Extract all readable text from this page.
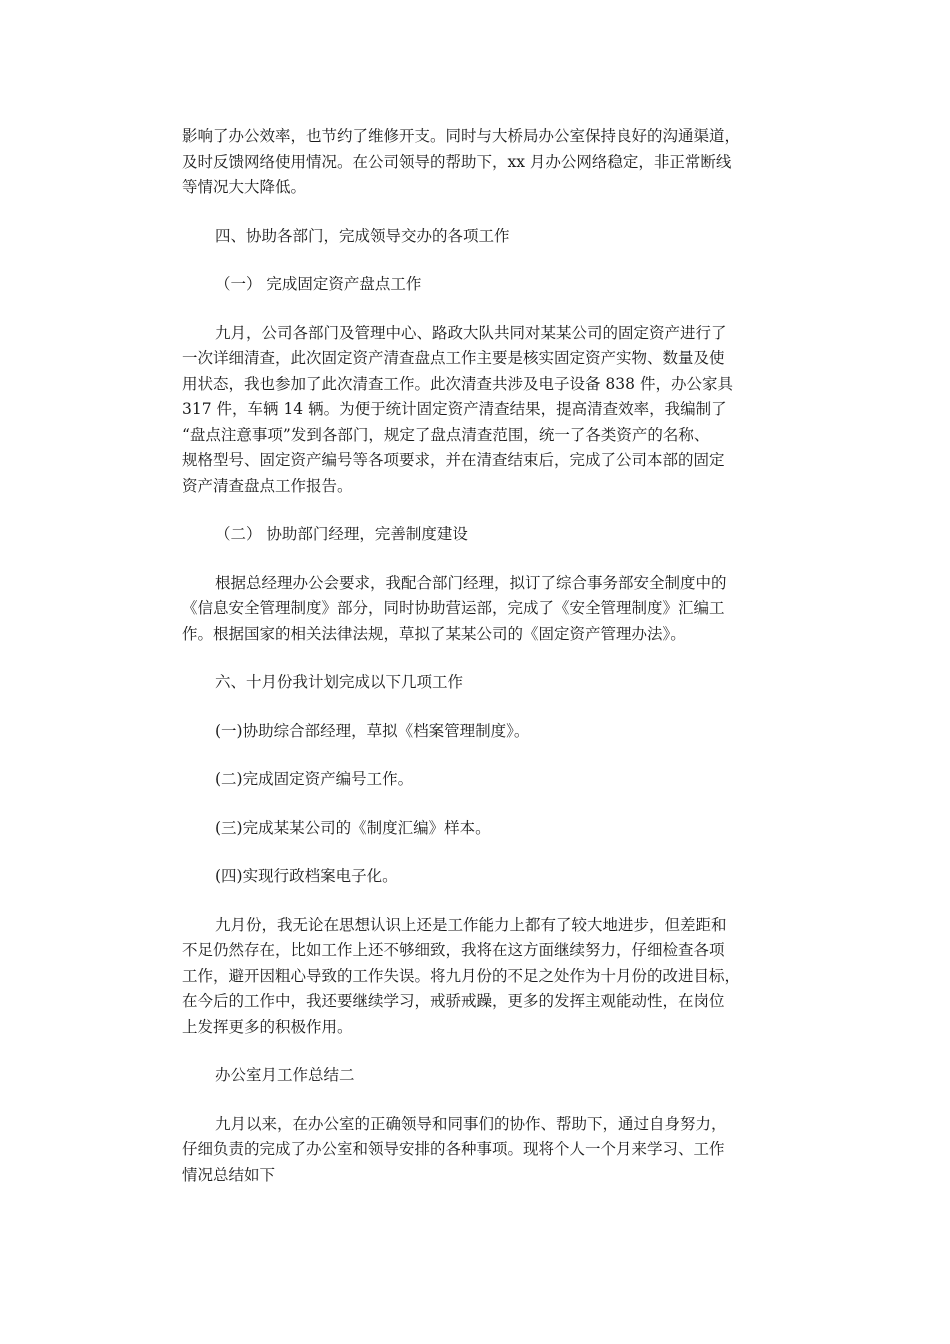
影响了办公效率，也节约了维修开支。同时与大桥局办公室保持良好的沟通渠道，
及时反馈网络使用情况。在公司领导的帮助下，xx 月办公网络稳定，非正常断线
等情况大大降低。

四、协助各部门，完成领导交办的各项工作

（一） 完成固定资产盘点工作

九月，公司各部门及管理中心、路政大队共同对某某公司的固定资产进行了
一次详细清查，此次固定资产清查盘点工作主要是核实固定资产实物、数量及使
用状态，我也参加了此次清查工作。此次清查共涉及电子设备 838 件，办公家具
317 件，车辆 14 辆。为便于统计固定资产清查结果，提高清查效率，我编制了
“盘点注意事项”发到各部门，规定了盘点清查范围，统一了各类资产的名称、
规格型号、固定资产编号等各项要求，并在清查结束后，完成了公司本部的固定
资产清查盘点工作报告。

（二） 协助部门经理，完善制度建设

根据总经理办公会要求，我配合部门经理，拟订了综合事务部安全制度中的
《信息安全管理制度》部分，同时协助营运部，完成了《安全管理制度》汇编工
作。根据国家的相关法律法规，草拟了某某公司的《固定资产管理办法》。

六、十月份我计划完成以下几项工作

(一)协助综合部经理，草拟《档案管理制度》。

(二)完成固定资产编号工作。

(三)完成某某公司的《制度汇编》样本。

(四)实现行政档案电子化。

九月份，我无论在思想认识上还是工作能力上都有了较大地进步，但差距和
不足仍然存在，比如工作上还不够细致，我将在这方面继续努力，仔细检查各项
工作，避开因粗心导致的工作失误。将九月份的不足之处作为十月份的改进目标，
在今后的工作中，我还要继续学习，戒骄戒躁，更多的发挥主观能动性，在岗位
上发挥更多的积极作用。

办公室月工作总结二

九月以来，在办公室的正确领导和同事们的协作、帮助下，通过自身努力，
仔细负责的完成了办公室和领导安排的各种事项。现将个人一个月来学习、工作
情况总结如下
